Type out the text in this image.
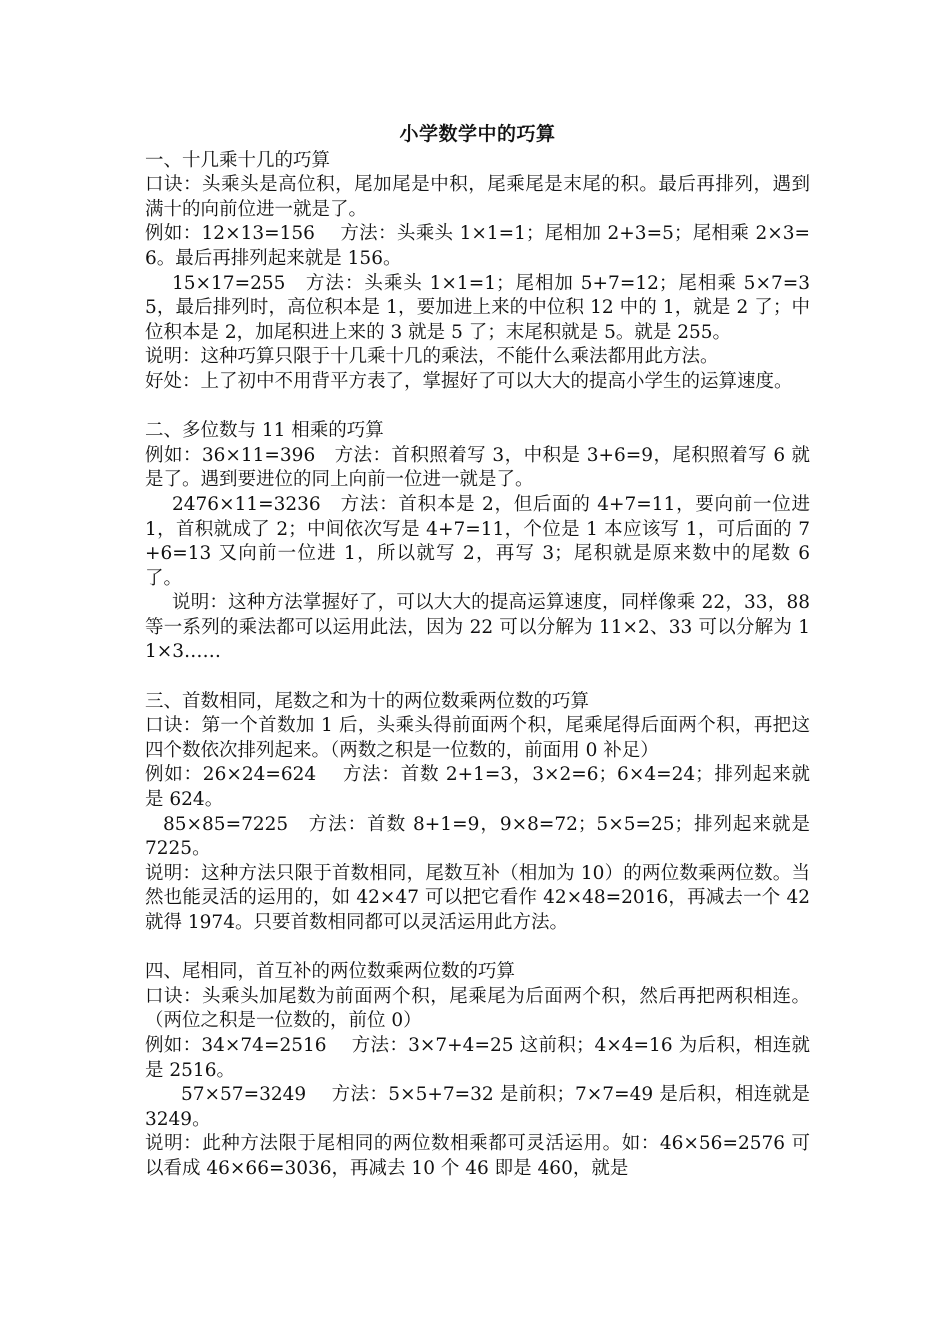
小学数学中的巧算

一、十几乘十几的巧算

口诀：头乘头是高位积，尾加尾是中积，尾乘尾是末尾的积。最后再排列，遇到满十的向前位进一就是了。

例如：12×13=156　 方法：头乘头 1×1=1；尾相加 2+3=5；尾相乘 2×3=6。最后再排列起来就是 156。

15×17=255　方法：头乘头 1×1=1；尾相加 5+7=12；尾相乘 5×7=35，最后排列时，高位积本是 1，要加进上来的中位积 12 中的 1，就是 2 了；中位积本是 2，加尾积进上来的 3 就是 5 了；末尾积就是 5。就是 255。

说明：这种巧算只限于十几乘十几的乘法，不能什么乘法都用此方法。

好处：上了初中不用背平方表了，掌握好了可以大大的提高小学生的运算速度。

二、多位数与 11 相乘的巧算

例如：36×11=396　方法：首积照着写 3，中积是 3+6=9，尾积照着写 6 就是了。遇到要进位的同上向前一位进一就是了。

2476×11=3236　方法：首积本是 2，但后面的 4+7=11，要向前一位进 1，首积就成了 2；中间依次写是 4+7=11，个位是 1 本应该写 1，可后面的 7+6=13 又向前一位进 1，所以就写 2，再写 3；尾积就是原来数中的尾数 6 了。

说明：这种方法掌握好了，可以大大的提高运算速度，同样像乘 22，33，88 等一系列的乘法都可以运用此法，因为 22 可以分解为 11×2、33 可以分解为 11×3……

三、首数相同，尾数之和为十的两位数乘两位数的巧算

口诀：第一个首数加 1 后，头乘头得前面两个积，尾乘尾得后面两个积，再把这四个数依次排列起来。（两数之积是一位数的，前面用 0 补足）

例如：26×24=624　 方法：首数 2+1=3，3×2=6；6×4=24；排列起来就是 624。

85×85=7225　方法：首数 8+1=9，9×8=72；5×5=25；排列起来就是 7225。

说明：这种方法只限于首数相同，尾数互补（相加为 10）的两位数乘两位数。当然也能灵活的运用的，如 42×47 可以把它看作 42×48=2016，再减去一个 42 就得 1974。只要首数相同都可以灵活运用此方法。

四、尾相同，首互补的两位数乘两位数的巧算

口诀：头乘头加尾数为前面两个积，尾乘尾为后面两个积，然后再把两积相连。（两位之积是一位数的，前位 0）

例如：34×74=2516　 方法：3×7+4=25 这前积；4×4=16 为后积，相连就是 2516。

57×57=3249　 方法：5×5+7=32 是前积；7×7=49 是后积，相连就是 3249。

说明：此种方法限于尾相同的两位数相乘都可灵活运用。如：46×56=2576 可以看成 46×66=3036，再减去 10 个 46 即是 460，就是
